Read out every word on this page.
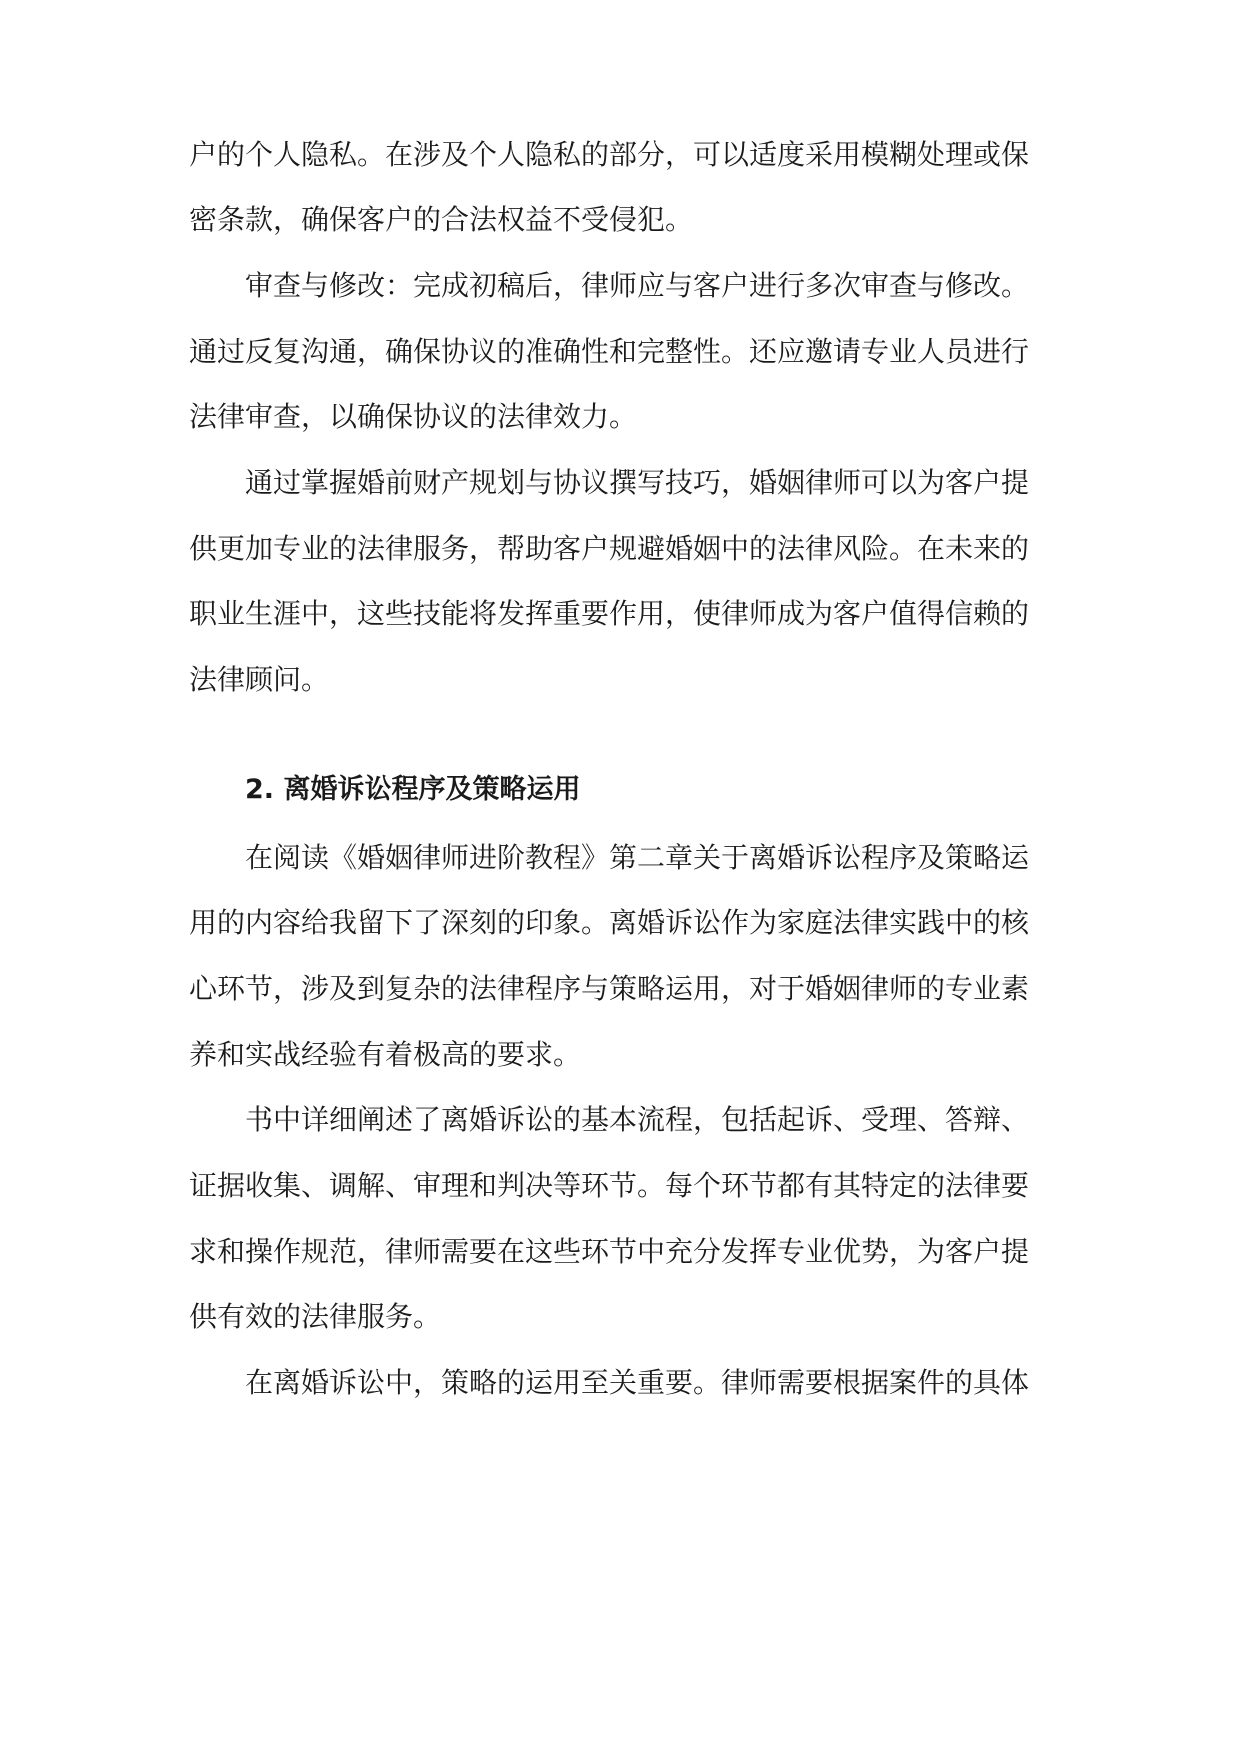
户的个人隐私。在涉及个人隐私的部分，可以适度采用模糊处理或保
密条款，确保客户的合法权益不受侵犯。
审查与修改：完成初稿后，律师应与客户进行多次审查与修改。
通过反复沟通，确保协议的准确性和完整性。还应邀请专业人员进行
法律审查，以确保协议的法律效力。
通过掌握婚前财产规划与协议撰写技巧，婚姻律师可以为客户提
供更加专业的法律服务，帮助客户规避婚姻中的法律风险。在未来的
职业生涯中，这些技能将发挥重要作用，使律师成为客户值得信赖的
法律顾问。
2. 离婚诉讼程序及策略运用
在阅读《婚姻律师进阶教程》第二章关于离婚诉讼程序及策略运
用的内容给我留下了深刻的印象。离婚诉讼作为家庭法律实践中的核
心环节，涉及到复杂的法律程序与策略运用，对于婚姻律师的专业素
养和实战经验有着极高的要求。
书中详细阐述了离婚诉讼的基本流程，包括起诉、受理、答辩、
证据收集、调解、审理和判决等环节。每个环节都有其特定的法律要
求和操作规范，律师需要在这些环节中充分发挥专业优势，为客户提
供有效的法律服务。
在离婚诉讼中，策略的运用至关重要。律师需要根据案件的具体
